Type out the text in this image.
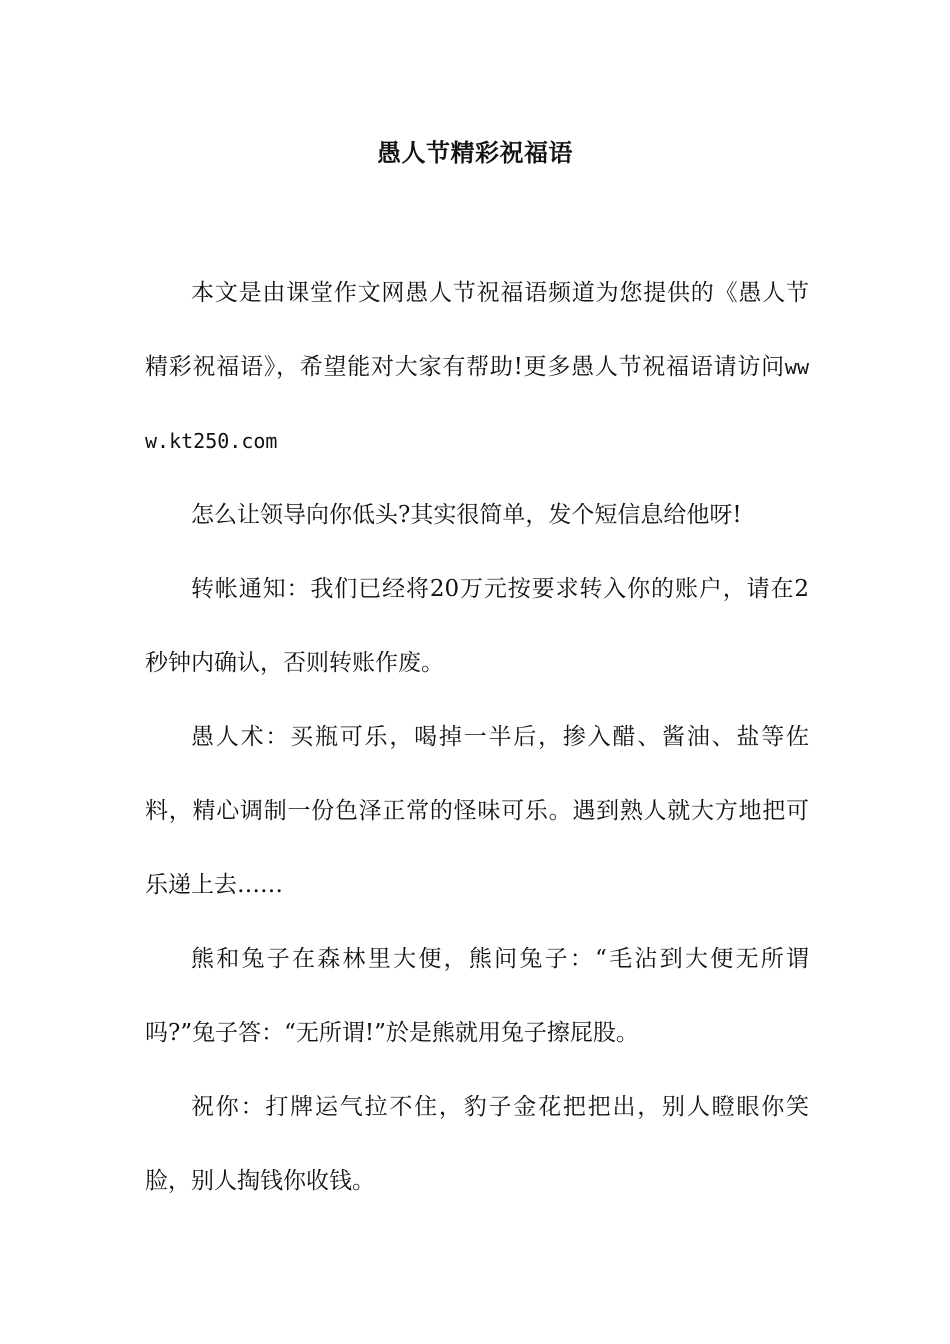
愚人节精彩祝福语

本文是由课堂作文网愚人节祝福语频道为您提供的《愚人节精彩祝福语》，希望能对大家有帮助!更多愚人节祝福语请访问www.kt250.com

怎么让领导向你低头?其实很简单，发个短信息给他呀!

转帐通知：我们已经将20万元按要求转入你的账户，请在2秒钟内确认，否则转账作废。

愚人术：买瓶可乐，喝掉一半后，掺入醋、酱油、盐等佐料，精心调制一份色泽正常的怪味可乐。遇到熟人就大方地把可乐递上去……

熊和兔子在森林里大便，熊问兔子：“毛沾到大便无所谓吗?”兔子答：“无所谓!”於是熊就用兔子擦屁股。

祝你：打牌运气拉不住，豹子金花把把出，别人瞪眼你笑脸，别人掏钱你收钱。
